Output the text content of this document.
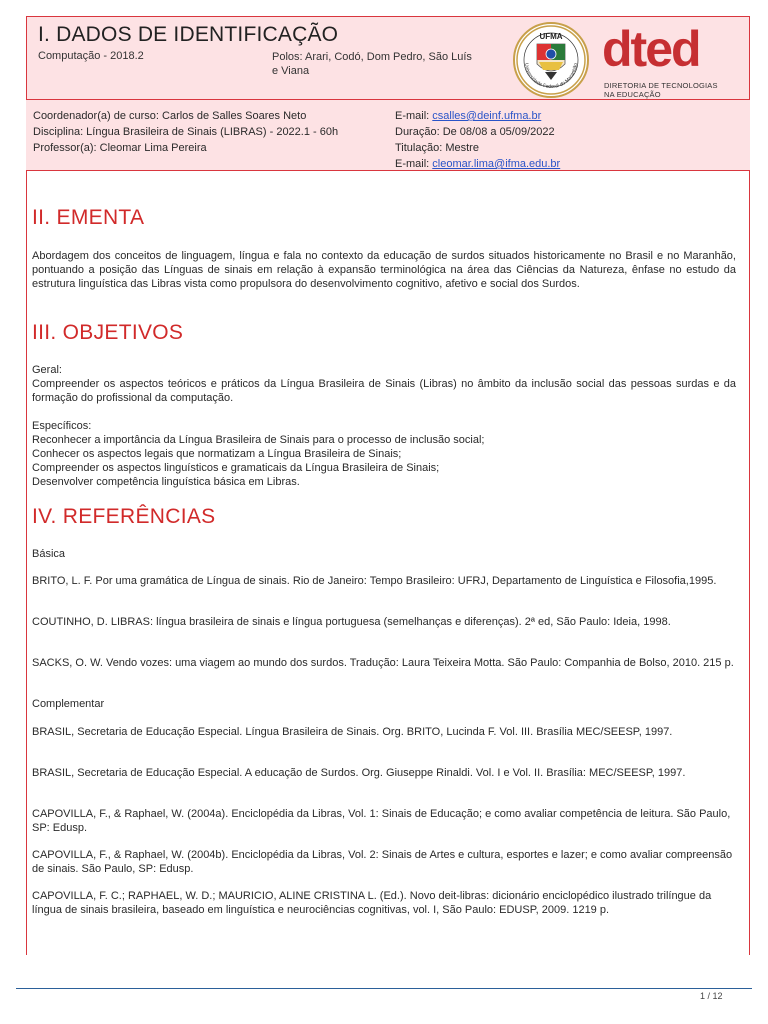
I. DADOS DE IDENTIFICAÇÃO
Computação - 2018.2	Polos: Arari, Codó, Dom Pedro, São Luís e Viana
UFMA
Universidade Federal do Maranhão dted
DIRETORIA DE TECNOLOGIAS
NA EDUCAÇÃO
Coordenador(a) de curso: Carlos de Salles Soares Neto
Disciplina: Língua Brasileira de Sinais (LIBRAS) - 2022.1 - 60h
Professor(a): Cleomar Lima Pereira
E-mail: csalles@deinf.ufma.br
Duração: De 08/08 a 05/09/2022
Titulação: Mestre
E-mail: cleomar.lima@ifma.edu.br
II. EMENTA
Abordagem dos conceitos de linguagem, língua e fala no contexto da educação de surdos situados historicamente no Brasil e no Maranhão, pontuando a posição das Línguas de sinais em relação à expansão terminológica na área das Ciências da Natureza, ênfase no estudo da estrutura linguística das Libras vista como propulsora do desenvolvimento cognitivo, afetivo e social dos Surdos.
III. OBJETIVOS
Geral:
Compreender os aspectos teóricos e práticos da Língua Brasileira de Sinais (Libras) no âmbito da inclusão social das pessoas surdas e da formação do profissional da computação.
Específicos:
Reconhecer a importância da Língua Brasileira de Sinais para o processo de inclusão social;
Conhecer os aspectos legais que normatizam a Língua Brasileira de Sinais;
Compreender os aspectos linguísticos e gramaticais da Língua Brasileira de Sinais;
Desenvolver competência linguística básica em Libras.
IV. REFERÊNCIAS
Básica
BRITO, L. F. Por uma gramática de Língua de sinais. Rio de Janeiro: Tempo Brasileiro: UFRJ, Departamento de Linguística e Filosofia,1995.
COUTINHO, D. LIBRAS: língua brasileira de sinais e língua portuguesa (semelhanças e diferenças). 2ª ed, São Paulo: Ideia, 1998.
SACKS, O. W. Vendo vozes: uma viagem ao mundo dos surdos. Tradução: Laura Teixeira Motta. São Paulo: Companhia de Bolso, 2010. 215 p.
Complementar
BRASIL, Secretaria de Educação Especial. Língua Brasileira de Sinais. Org. BRITO, Lucinda F. Vol. III. Brasília MEC/SEESP, 1997.
BRASIL, Secretaria de Educação Especial. A educação de Surdos. Org. Giuseppe Rinaldi. Vol. I e Vol. II. Brasília: MEC/SEESP, 1997.
CAPOVILLA, F., & Raphael, W. (2004a). Enciclopédia da Libras, Vol. 1: Sinais de Educação; e como avaliar competência de leitura. São Paulo, SP: Edusp.
CAPOVILLA, F., & Raphael, W. (2004b). Enciclopédia da Libras, Vol. 2: Sinais de Artes e cultura, esportes e lazer; e como avaliar compreensão de sinais. São Paulo, SP: Edusp.
CAPOVILLA, F. C.; RAPHAEL, W. D.; MAURICIO, ALINE CRISTINA L. (Ed.). Novo deit-libras: dicionário enciclopédico ilustrado trilíngue da língua de sinais brasileira, baseado em linguística e neurociências cognitivas, vol. I, São Paulo: EDUSP, 2009. 1219 p.
1 / 12
